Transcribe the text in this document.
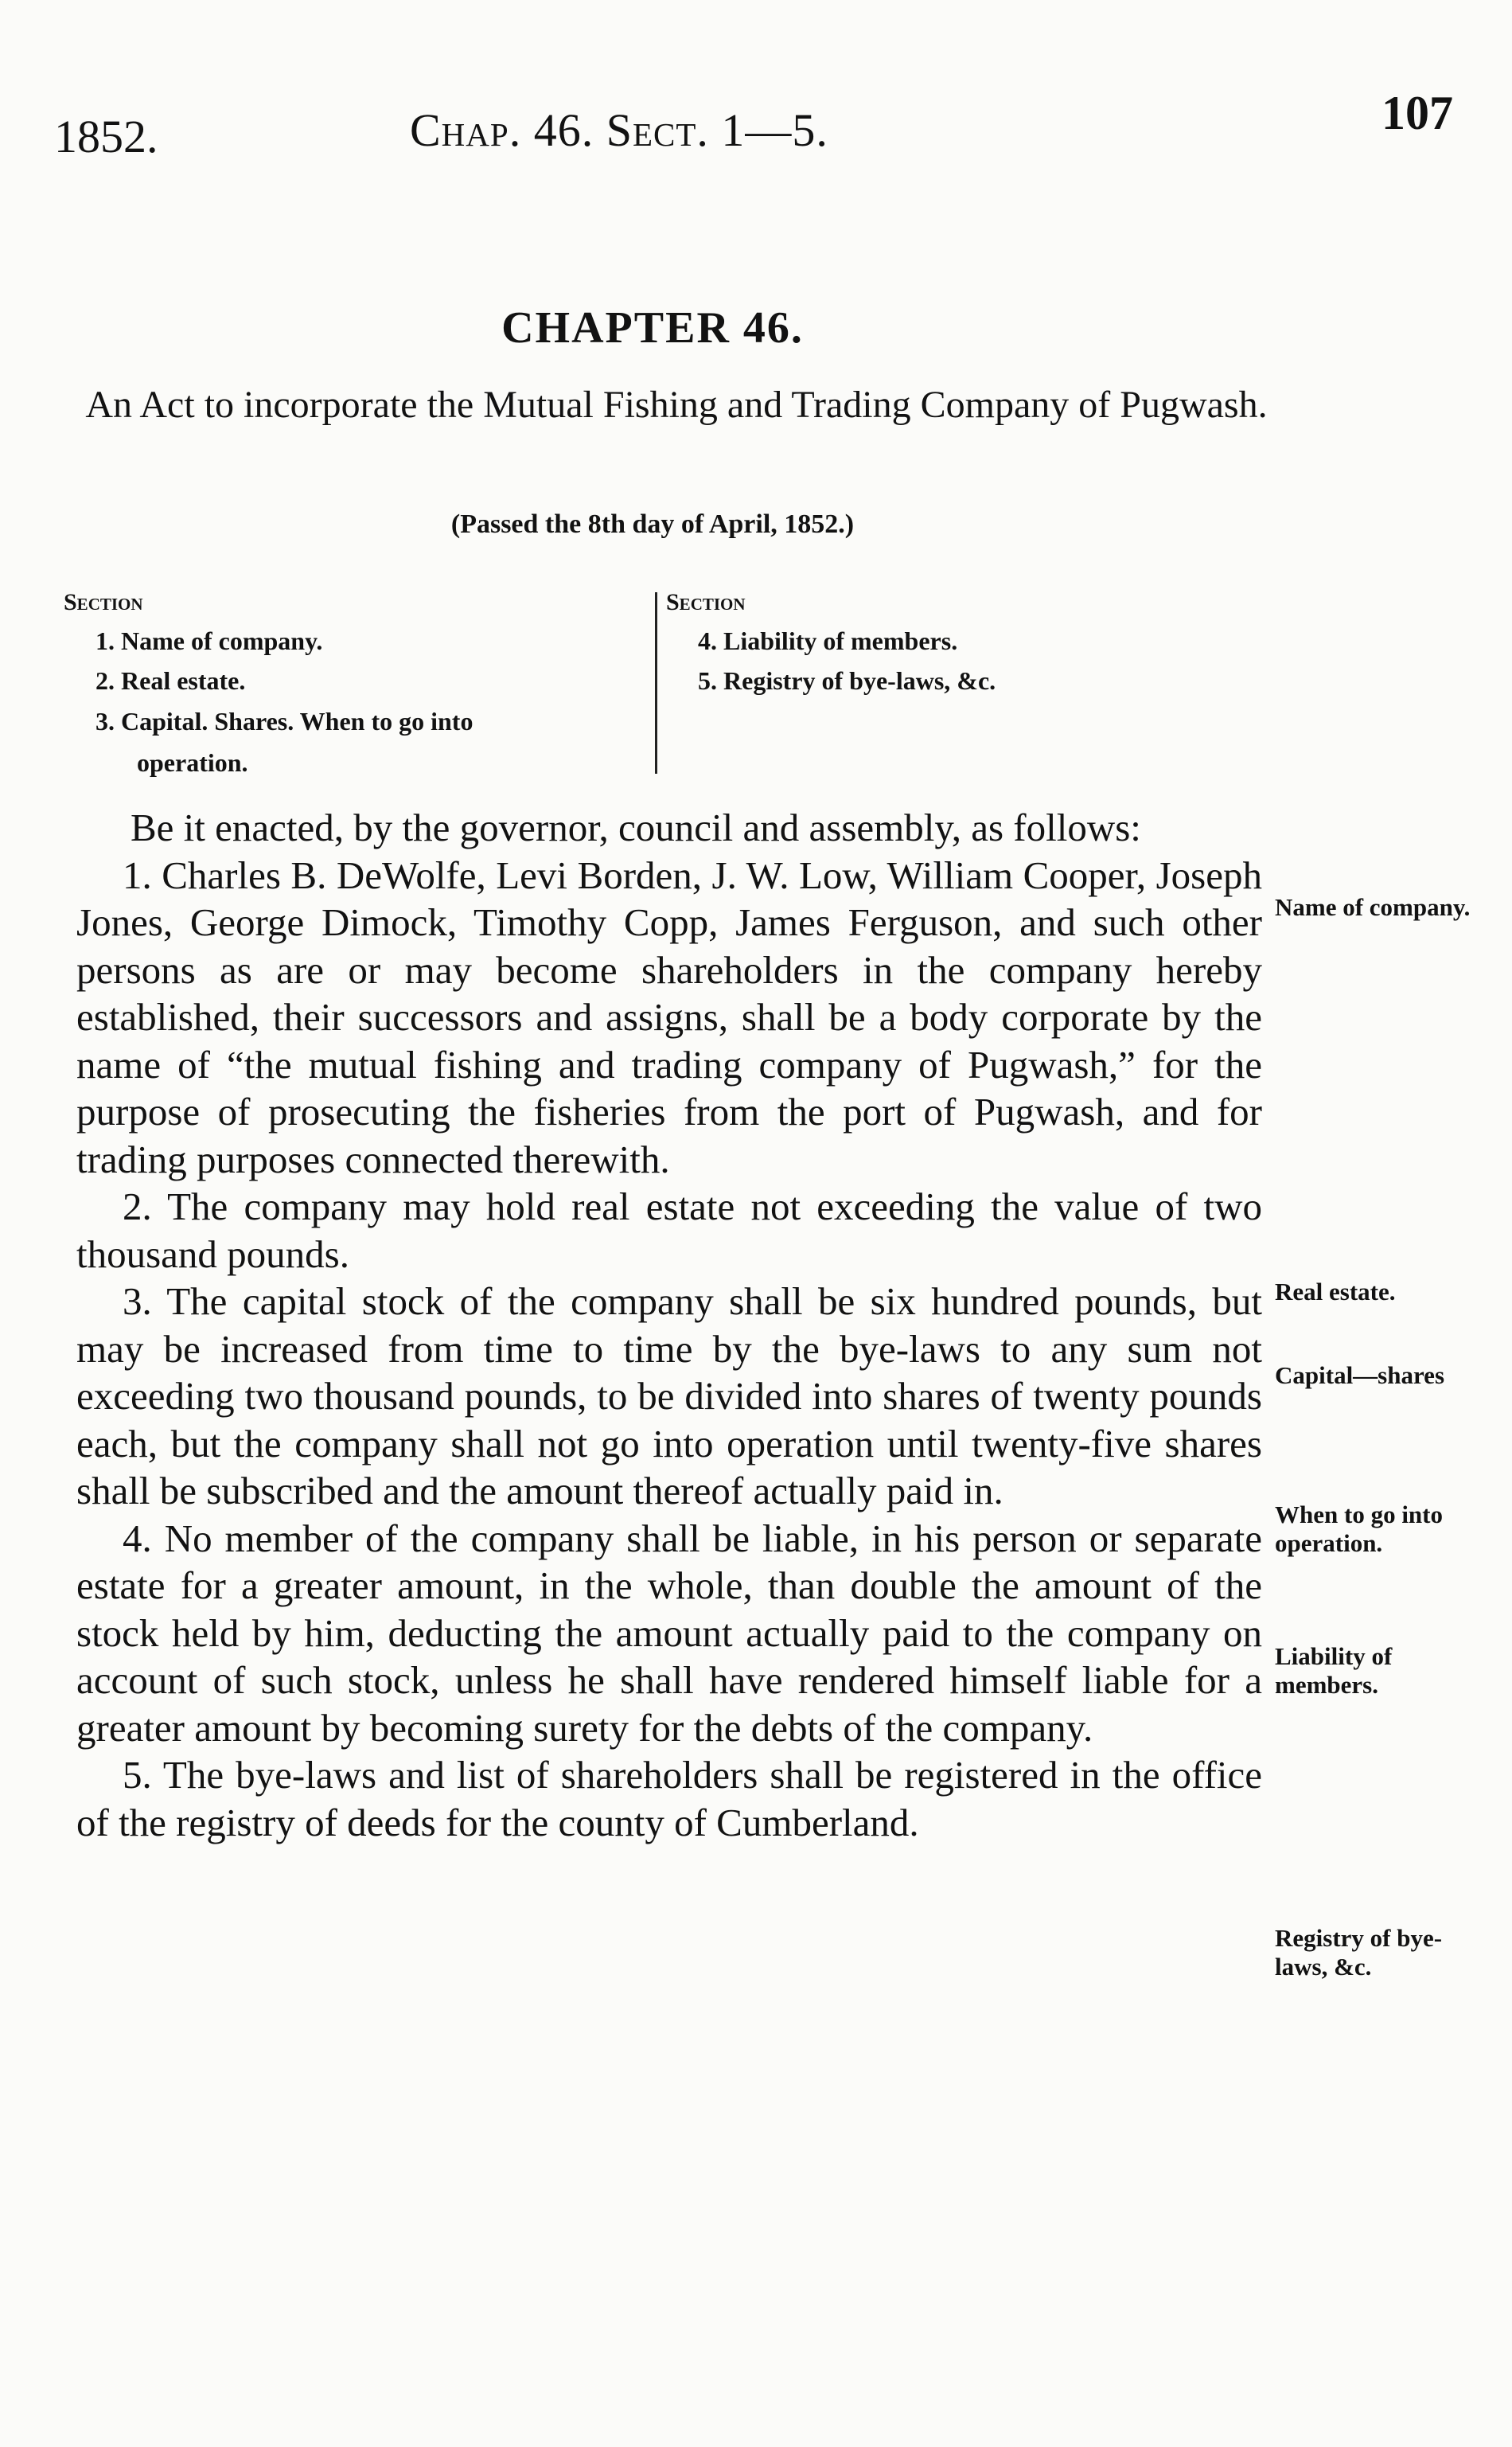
1852.	Chap. 46. Sect. 1—5.	107
CHAPTER 46.
An Act to incorporate the Mutual Fishing and Trading Company of Pugwash.
(Passed the 8th day of April, 1852.)
Section
1. Name of company.
2. Real estate.
3. Capital. Shares. When to go into
operation.
Section
4. Liability of members.
5. Registry of bye-laws, &c.

Be it enacted, by the governor, council and assembly, as follows:

1. Charles B. DeWolfe, Levi Borden, J. W. Low, William Cooper, Joseph Jones, George Dimock, Timothy Copp, James Ferguson, and such other persons as are or may become shareholders in the company hereby established, their successors and assigns, shall be a body corporate by the name of “the mutual fishing and trading company of Pugwash,” for the purpose of prosecuting the fisheries from the port of Pugwash, and for trading purposes connected therewith.

2. The company may hold real estate not exceeding the value of two thousand pounds.

3. The capital stock of the company shall be six hundred pounds, but may be increased from time to time by the bye-laws to any sum not exceeding two thousand pounds, to be divided into shares of twenty pounds each, but the company shall not go into operation until twenty-five shares shall be subscribed and the amount thereof actually paid in.

4. No member of the company shall be liable, in his person or separate estate for a greater amount, in the whole, than double the amount of the stock held by him, deducting the amount actually paid to the company on account of such stock, unless he shall have rendered himself liable for a greater amount by becoming surety for the debts of the company.

5. The bye-laws and list of shareholders shall be registered in the office of the registry of deeds for the county of Cumberland.

Name of company.
Real estate.
Capital—shares
When to go into operation.
Liability of members.
Registry of bye-laws, &c.
